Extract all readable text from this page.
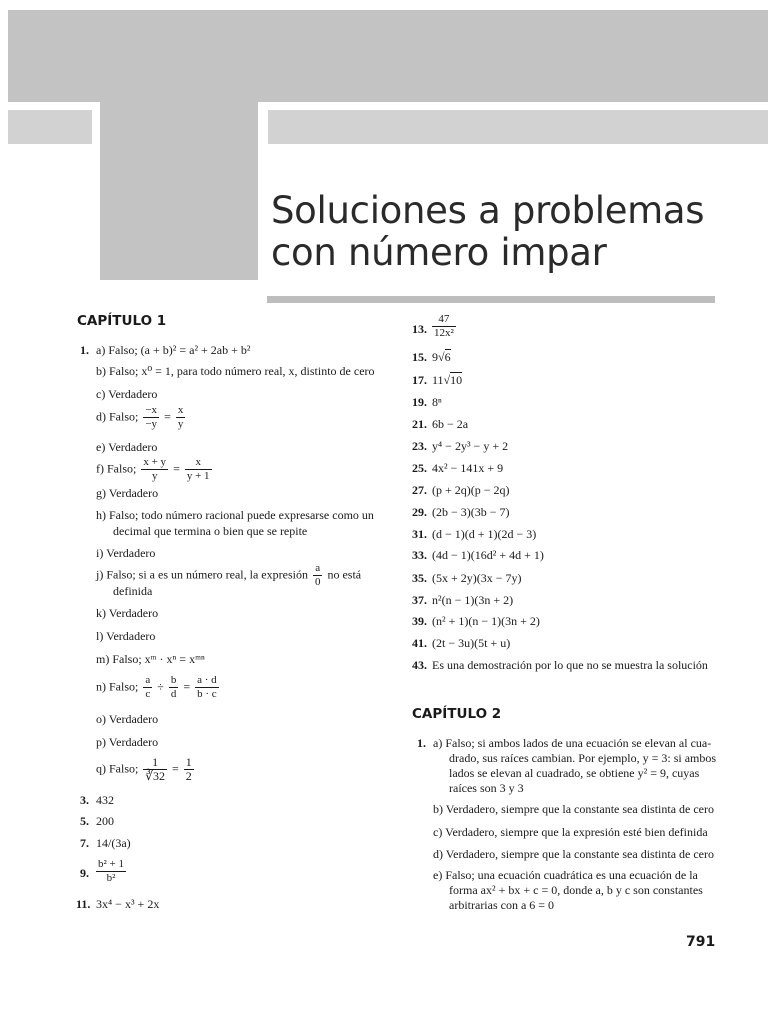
Soluciones a problemas
con número impar
CAPÍTULO 1
1. a) Falso; (a + b)² = a² + 2ab + b²
b) Falso; x⁰ = 1, para todo número real, x, distinto de cero
c) Verdadero
d) Falso; $\frac{-x}{-y} = \frac{x}{y}$
e) Verdadero
f) Falso; $\frac{x + y}{y} = \frac{x}{y + 1}$
g) Verdadero
h) Falso; todo número racional puede expresarse como un
decimal que termina o bien que se repite
i) Verdadero
j) Falso; si a es un número real, la expresión $\frac{a}{0}$ no está
definida
k) Verdadero
l) Verdadero
m) Falso; xᵐ · xⁿ = xᵐⁿ
n) Falso; $\frac{a}{c} \div \frac{b}{d} = \frac{a \cdot d}{b \cdot c}$
o) Verdadero
p) Verdadero
q) Falso; $\frac{1}{∛32} = \frac{1}{2}$
3. 432
5. 200
7. 14/(3a)
9. $\frac{\text{b² + 1}}{\text{b²}}$
11. 3x⁴ − x³ + 2x
13. $\frac{47}{\text{12x²}}$
15. 9√6
17. 11√10
19. 8ⁿ
21. 6b − 2a
23. y⁴ − 2y³ − y + 2
25. 4x² − 141x + 9
27. (p + 2q)(p − 2q)
29. (2b − 3)(3b − 7)
31. (d − 1)(d + 1)(2d − 3)
33. (4d − 1)(16d² + 4d + 1)
35. (5x + 2y)(3x − 7y)
37. n²(n − 1)(3n + 2)
39. (n² + 1)(n − 1)(3n + 2)
41. (2t − 3u)(5t + u)
43. Es una demostración por lo que no se muestra la solución
CAPÍTULO 2
1. a) Falso; si ambos lados de una ecuación se elevan al cua-
drado, sus raíces cambian. Por ejemplo, y = 3: si ambos
lados se elevan al cuadrado, se obtiene y² = 9, cuyas
raíces son 3 y 3
b) Verdadero, siempre que la constante sea distinta de cero
c) Verdadero, siempre que la expresión esté bien definida
d) Verdadero, siempre que la constante sea distinta de cero
e) Falso; una ecuación cuadrática es una ecuación de la
forma ax² + bx + c = 0, donde a, b y c son constantes
arbitrarias con a 6 = 0
791
